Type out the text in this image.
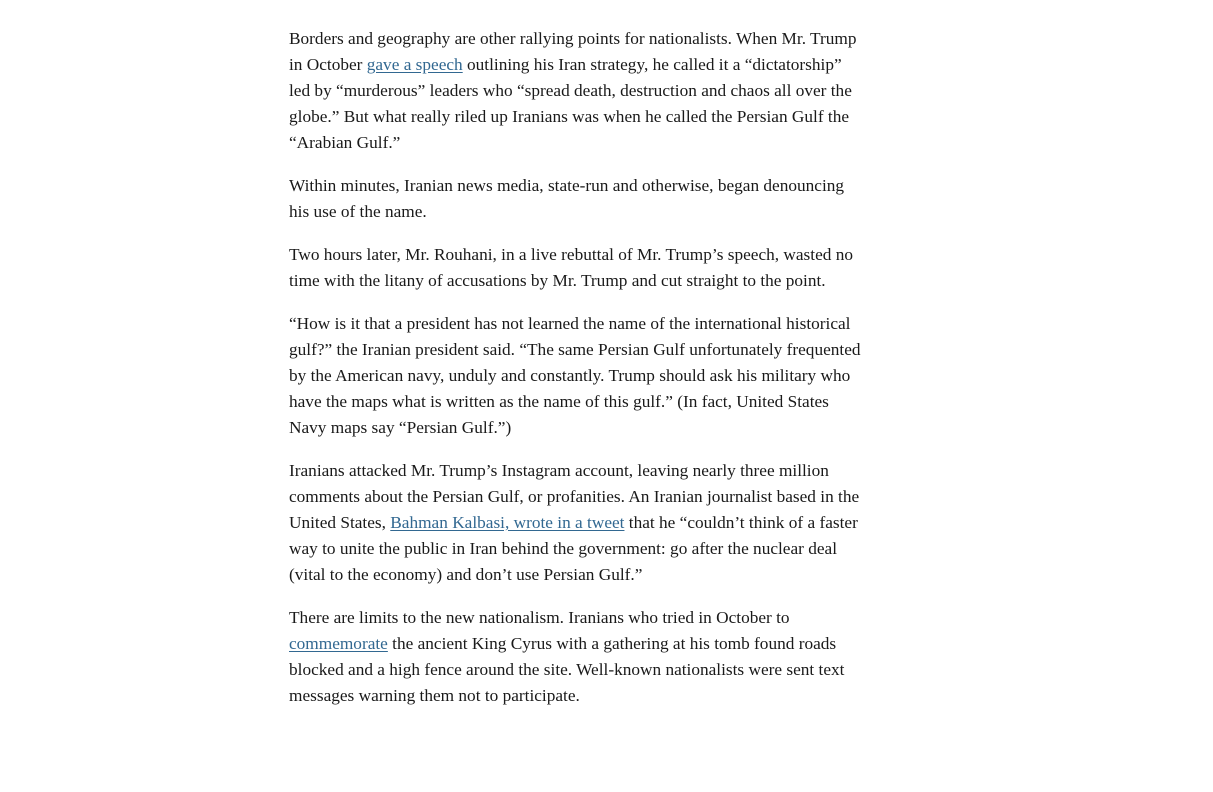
Borders and geography are other rallying points for nationalists. When Mr. Trump in October gave a speech outlining his Iran strategy, he called it a “dictatorship” led by “murderous” leaders who “spread death, destruction and chaos all over the globe.” But what really riled up Iranians was when he called the Persian Gulf the “Arabian Gulf.”

Within minutes, Iranian news media, state-run and otherwise, began denouncing his use of the name.

Two hours later, Mr. Rouhani, in a live rebuttal of Mr. Trump’s speech, wasted no time with the litany of accusations by Mr. Trump and cut straight to the point.

“How is it that a president has not learned the name of the international historical gulf?” the Iranian president said. “The same Persian Gulf unfortunately frequented by the American navy, unduly and constantly. Trump should ask his military who have the maps what is written as the name of this gulf.” (In fact, United States Navy maps say “Persian Gulf.”)

Iranians attacked Mr. Trump’s Instagram account, leaving nearly three million comments about the Persian Gulf, or profanities. An Iranian journalist based in the United States, Bahman Kalbasi, wrote in a tweet that he “couldn’t think of a faster way to unite the public in Iran behind the government: go after the nuclear deal (vital to the economy) and don’t use Persian Gulf.”

There are limits to the new nationalism. Iranians who tried in October to commemorate the ancient King Cyrus with a gathering at his tomb found roads blocked and a high fence around the site. Well-known nationalists were sent text messages warning them not to participate.
